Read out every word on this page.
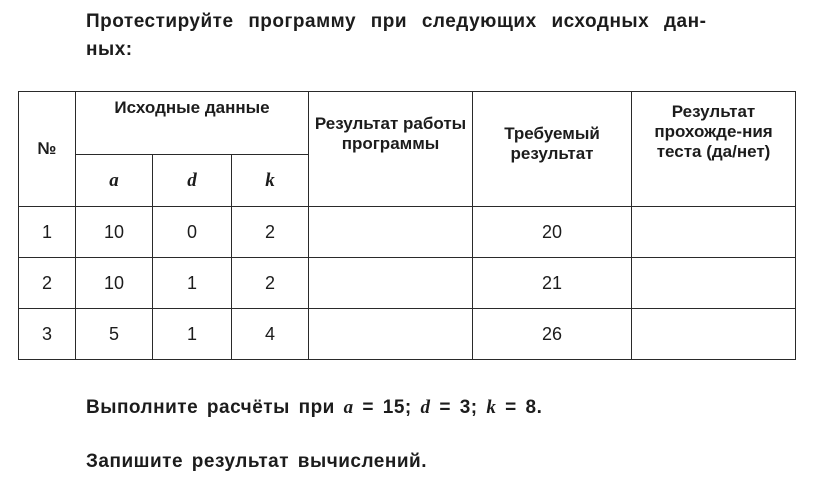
Протестируйте программу при следующих исходных дан-
ных:

№	Исходные данные			Результат работы программы	Требуемый результат	Результат прохожде-ния теста (да/нет)
	a	d	k			
1	10	0	2		20	
2	10	1	2		21	
3	5	1	4		26	

Выполните расчёты при a = 15; d = 3; k = 8.

Запишите результат вычислений.
